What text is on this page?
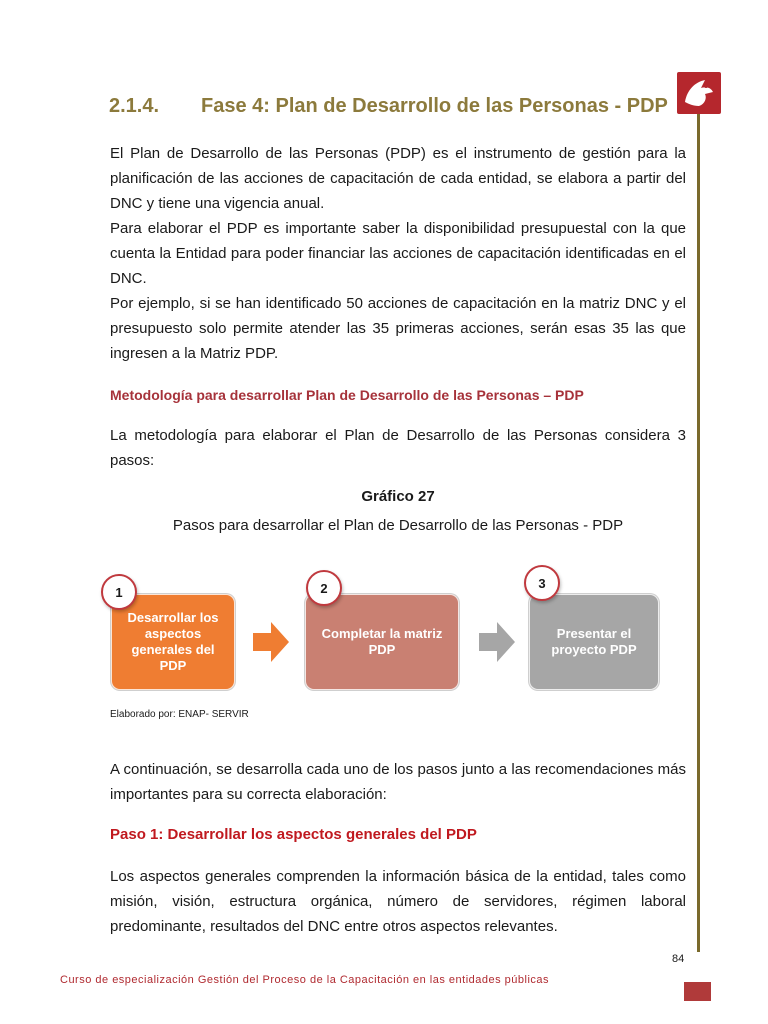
2.1.4. Fase 4: Plan de Desarrollo de las Personas - PDP

El Plan de Desarrollo de las Personas (PDP) es el instrumento de gestión para la planificación de las acciones de capacitación de cada entidad, se elabora a partir del DNC y tiene una vigencia anual.

Para elaborar el PDP es importante saber la disponibilidad presupuestal con la que cuenta la Entidad para poder financiar las acciones de capacitación identificadas en el DNC.

Por ejemplo, si se han identificado 50 acciones de capacitación en la matriz DNC y el presupuesto solo permite atender las 35 primeras acciones, serán esas 35 las que ingresen a la Matriz PDP.

Metodología para desarrollar Plan de Desarrollo de las Personas – PDP
La metodología para elaborar el Plan de Desarrollo de las Personas considera 3 pasos:
Gráfico 27
Pasos para desarrollar el Plan de Desarrollo de las Personas - PDP
Desarrollar los aspectos generales del PDP
Completar la matriz PDP
Presentar el proyecto PDP
1	2	3
Elaborado por: ENAP- SERVIR
A continuación, se desarrolla cada uno de los pasos junto a las recomendaciones más importantes para su correcta elaboración:
Paso 1: Desarrollar los aspectos generales del PDP
Los aspectos generales comprenden la información básica de la entidad, tales como misión, visión, estructura orgánica, número de servidores, régimen laboral predominante, resultados del DNC entre otros aspectos relevantes.
84
Curso de especialización Gestión del Proceso de la Capacitación en las entidades públicas
